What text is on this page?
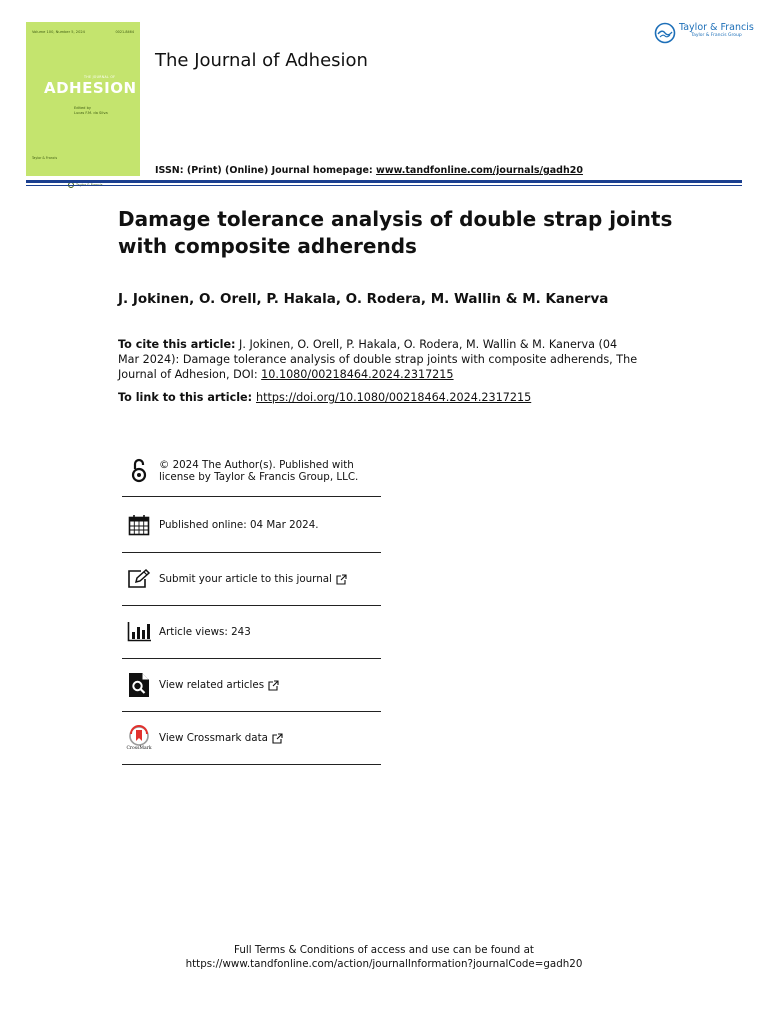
Volume 100, Number 5, 2024	0021-8464
THE JOURNAL OF
ADHESION
Edited by
Lucas F.M. da Silva
Taylor & Francis
The Journal of Adhesion
ISSN: (Print) (Online) Journal homepage: www.tandfonline.com/journals/gadh20
Taylor & Francis
Taylor & Francis Group
Damage tolerance analysis of double strap joints with composite adherends
J. Jokinen, O. Orell, P. Hakala, O. Rodera, M. Wallin & M. Kanerva
To cite this article: J. Jokinen, O. Orell, P. Hakala, O. Rodera, M. Wallin & M. Kanerva (04 Mar 2024): Damage tolerance analysis of double strap joints with composite adherends, The Journal of Adhesion, DOI: 10.1080/00218464.2024.2317215
To link to this article: https://doi.org/10.1080/00218464.2024.2317215
© 2024 The Author(s). Published with
license by Taylor & Francis Group, LLC.
Published online: 04 Mar 2024.
Submit your article to this journal
Article views: 243
View related articles
CrossMark
View Crossmark data
Full Terms & Conditions of access and use can be found at
https://www.tandfonline.com/action/journalInformation?journalCode=gadh20
